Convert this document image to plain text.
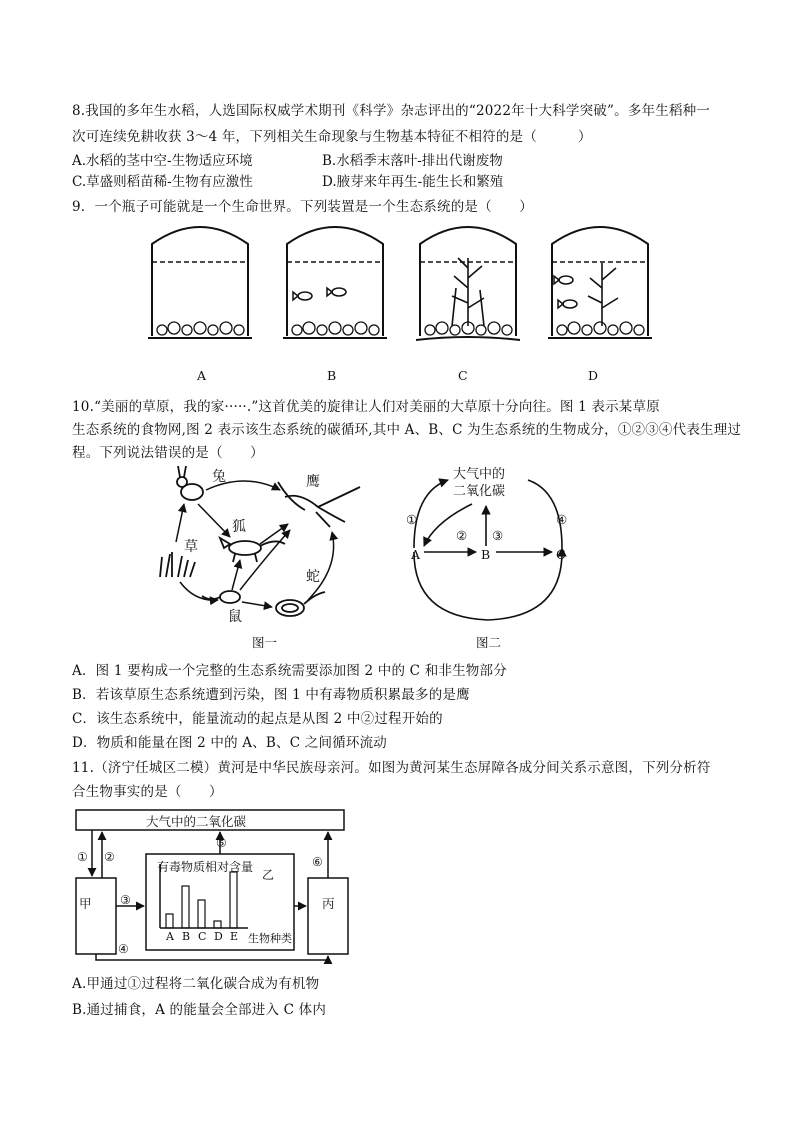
8.我国的多年生水稻，人选国际权威学术期刊《科学》杂志评出的“2022年十大科学突破”。多年生稻种一
次可连续免耕收获 3～4 年，下列相关生命现象与生物基本特征不相符的是（　　　）
A.水稻的茎中空-生物适应环境	B.水稻季末落叶-排出代谢废物
C.草盛则稻苗稀-生物有应激性	D.腋芽来年再生-能生长和繁殖
9．一个瓶子可能就是一个生命世界。下列装置是一个生态系统的是（　　）
A	B	C	D
10.“美丽的草原，我的家·····.”这首优美的旋律让人们对美丽的大草原十分向往。图 1 表示某草原
生态系统的食物网,图 2 表示该生态系统的碳循环,其中 A、B、C 为生态系统的生物成分，①②③④代表生理过
程。下列说法错误的是（　　）
兔	鹰
狐
草
蛇
鼠
图一
大气中的
二氧化碳
A	B	C
①
② ③
④
图二
A．图 1 要构成一个完整的生态系统需要添加图 2 中的 C 和非生物部分
B．若该草原生态系统遭到污染，图 1 中有毒物质积累最多的是鹰
C．该生态系统中，能量流动的起点是从图 2 中②过程开始的
D．物质和能量在图 2 中的 A、B、C 之间循环流动
11.（济宁任城区二模）黄河是中华民族母亲河。如图为黄河某生态屏障各成分间关系示意图，下列分析符
合生物事实的是（　　）
大气中的二氧化碳
甲	丙
有毒物质相对含量
乙
生物种类
① ②
③
④
⑤
⑥
A B C D E
A.甲通过①过程将二氧化碳合成为有机物
B.通过捕食，A 的能量会全部进入 C 体内
